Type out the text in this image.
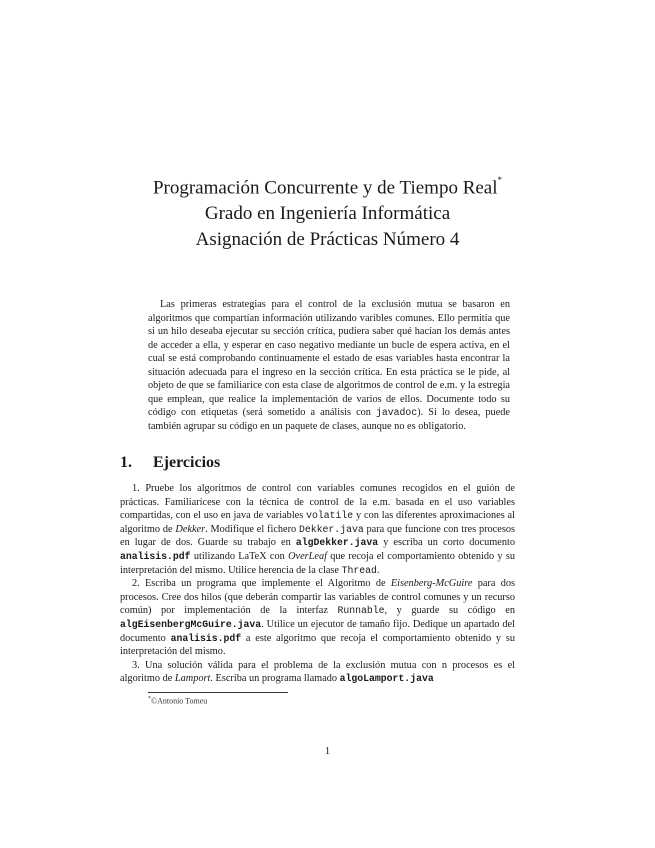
Programación Concurrente y de Tiempo Real*
Grado en Ingeniería Informática
Asignación de Prácticas Número 4
Las primeras estrategias para el control de la exclusión mutua se basaron en algoritmos que compartían información utilizando varibles comunes. Ello permitía que si un hilo deseaba ejecutar su sección crítica, pudiera saber qué hacían los demás antes de acceder a ella, y esperar en caso negativo mediante un bucle de espera activa, en el cual se está comprobando continuamente el estado de esas variables hasta encontrar la situación adecuada para el ingreso en la sección crítica. En esta práctica se le pide, al objeto de que se familiarice con esta clase de algoritmos de control de e.m. y la estregia que emplean, que realice la implementación de varios de ellos. Documente todo su código con etiquetas (será sometido a análisis con javadoc). Si lo desea, puede también agrupar su código en un paquete de clases, aunque no es obligatorio.
1. Ejercicios

1. Pruebe los algoritmos de control con variables comunes recogidos en el guión de prácticas. Familiarícese con la técnica de control de la e.m. basada en el uso variables compartidas, con el uso en java de variables volatile y con las diferentes aproximaciones al algoritmo de Dekker. Modifique el fichero Dekker.java para que funcione con tres procesos en lugar de dos. Guarde su trabajo en algDekker.java y escriba un corto documento analisis.pdf utilizando LaTeX con OverLeaf que recoja el comportamiento obtenido y su interpretación del mismo. Utilice herencia de la clase Thread.

2. Escriba un programa que implemente el Algoritmo de Eisenberg-McGuire para dos procesos. Cree dos hilos (que deberán compartir las variables de control comunes y un recurso común) por implementación de la interfaz Runnable, y guarde su código en algEisenbergMcGuire.java. Utilice un ejecutor de tamaño fijo. Dedique un apartado del documento analisis.pdf a este algoritmo que recoja el comportamiento obtenido y su interpretación del mismo.

3. Una solución válida para el problema de la exclusión mutua con n procesos es el algoritmo de Lamport. Escriba un programa llamado algoLamport.java

*©Antonio Tomeu
1
